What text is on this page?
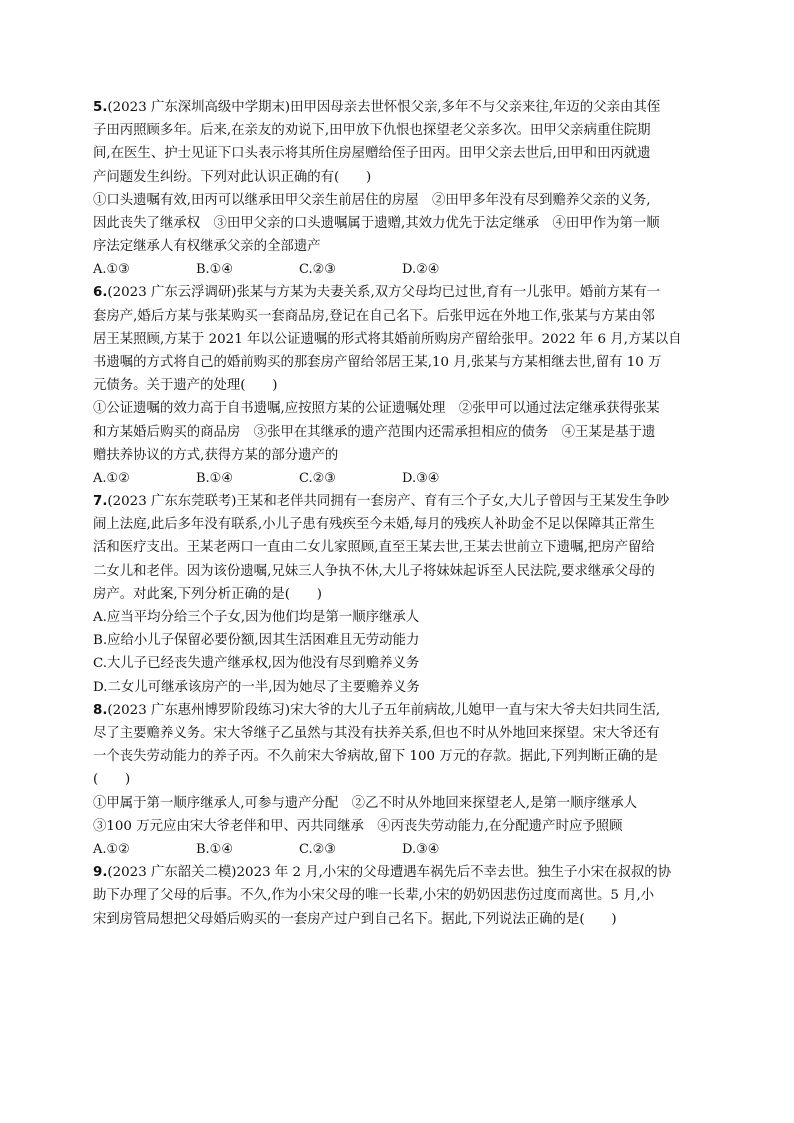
5.(2023 广东深圳高级中学期末)田甲因母亲去世怀恨父亲,多年不与父亲来往,年迈的父亲由其侄
子田丙照顾多年。后来,在亲友的劝说下,田甲放下仇恨也探望老父亲多次。田甲父亲病重住院期
间,在医生、护士见证下口头表示将其所住房屋赠给侄子田丙。田甲父亲去世后,田甲和田丙就遗
产问题发生纠纷。下列对此认识正确的有(　　)
①口头遗嘱有效,田丙可以继承田甲父亲生前居住的房屋　②田甲多年没有尽到赡养父亲的义务,
因此丧失了继承权　③田甲父亲的口头遗嘱属于遗赠,其效力优先于法定继承　④田甲作为第一顺
序法定继承人有权继承父亲的全部遗产
A.①③	B.①④	C.②③	D.②④
6.(2023 广东云浮调研)张某与方某为夫妻关系,双方父母均已过世,育有一儿张甲。婚前方某有一
套房产,婚后方某与张某购买一套商品房,登记在自己名下。后张甲远在外地工作,张某与方某由邻
居王某照顾,方某于 2021 年以公证遗嘱的形式将其婚前所购房产留给张甲。2022 年 6 月,方某以自
书遗嘱的方式将自己的婚前购买的那套房产留给邻居王某,10 月,张某与方某相继去世,留有 10 万
元债务。关于遗产的处理(　　)
①公证遗嘱的效力高于自书遗嘱,应按照方某的公证遗嘱处理　②张甲可以通过法定继承获得张某
和方某婚后购买的商品房　③张甲在其继承的遗产范围内还需承担相应的债务　④王某是基于遗
赠扶养协议的方式,获得方某的部分遗产的
A.①②	B.①④	C.②③	D.③④
7.(2023 广东东莞联考)王某和老伴共同拥有一套房产、育有三个子女,大儿子曾因与王某发生争吵
闹上法庭,此后多年没有联系,小儿子患有残疾至今未婚,每月的残疾人补助金不足以保障其正常生
活和医疗支出。王某老两口一直由二女儿家照顾,直至王某去世,王某去世前立下遗嘱,把房产留给
二女儿和老伴。因为该份遗嘱,兄妹三人争执不休,大儿子将妹妹起诉至人民法院,要求继承父母的
房产。对此案,下列分析正确的是(　　)
A.应当平均分给三个子女,因为他们均是第一顺序继承人
B.应给小儿子保留必要份额,因其生活困难且无劳动能力
C.大儿子已经丧失遗产继承权,因为他没有尽到赡养义务
D.二女儿可继承该房产的一半,因为她尽了主要赡养义务
8.(2023 广东惠州博罗阶段练习)宋大爷的大儿子五年前病故,儿媳甲一直与宋大爷夫妇共同生活,
尽了主要赡养义务。宋大爷继子乙虽然与其没有扶养关系,但也不时从外地回来探望。宋大爷还有
一个丧失劳动能力的养子丙。不久前宋大爷病故,留下 100 万元的存款。据此,下列判断正确的是
(　　)
①甲属于第一顺序继承人,可参与遗产分配　②乙不时从外地回来探望老人,是第一顺序继承人
③100 万元应由宋大爷老伴和甲、丙共同继承　④丙丧失劳动能力,在分配遗产时应予照顾
A.①②	B.①④	C.②③	D.③④
9.(2023 广东韶关二模)2023 年 2 月,小宋的父母遭遇车祸先后不幸去世。独生子小宋在叔叔的协
助下办理了父母的后事。不久,作为小宋父母的唯一长辈,小宋的奶奶因悲伤过度而离世。5 月,小
宋到房管局想把父母婚后购买的一套房产过户到自己名下。据此,下列说法正确的是(　　)
